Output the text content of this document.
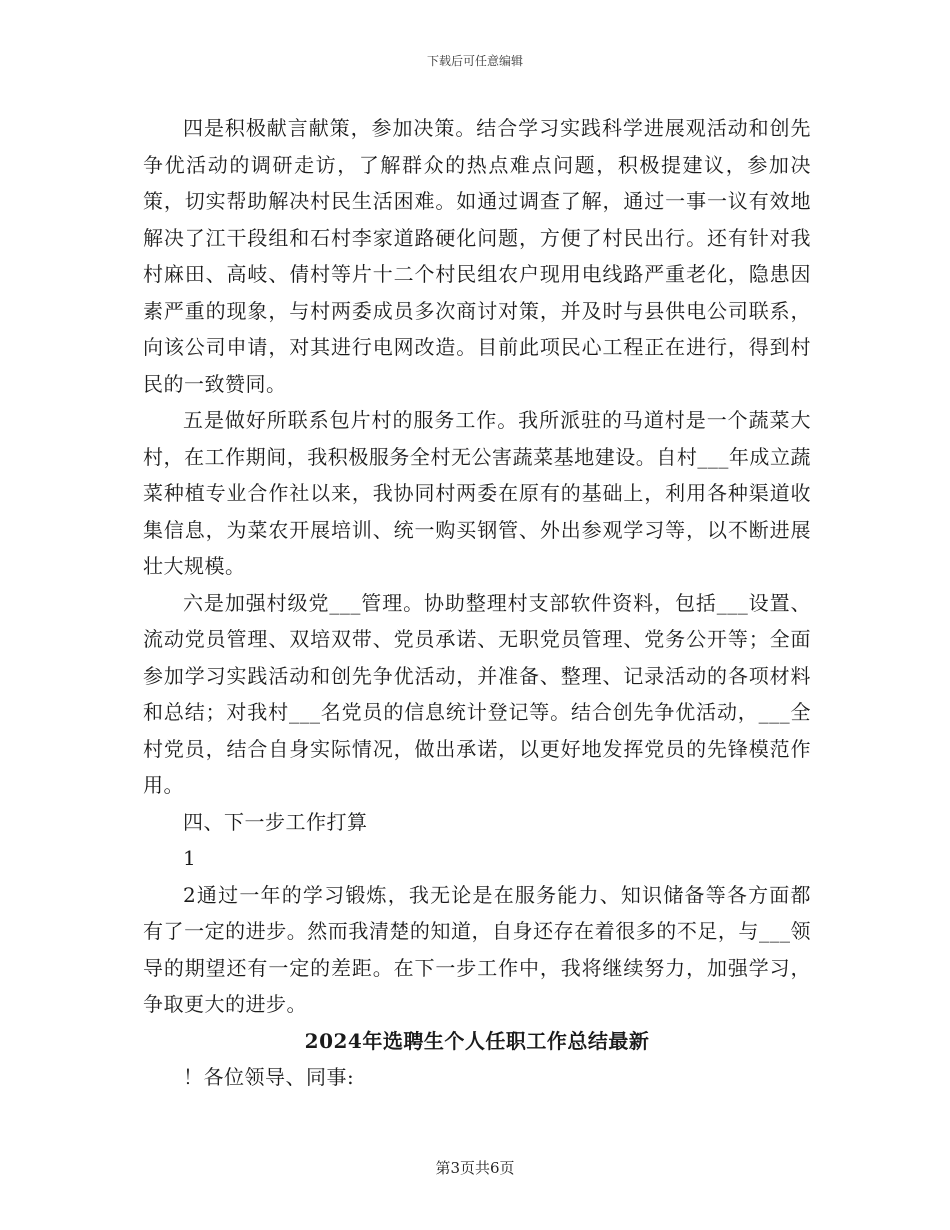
下载后可任意编辑

四是积极献言献策，参加决策。结合学习实践科学进展观活动和创先争优活动的调研走访，了解群众的热点难点问题，积极提建议，参加决策，切实帮助解决村民生活困难。如通过调查了解，通过一事一议有效地解决了江干段组和石村李家道路硬化问题，方便了村民出行。还有针对我村麻田、高岐、倩村等片十二个村民组农户现用电线路严重老化，隐患因素严重的现象，与村两委成员多次商讨对策，并及时与县供电公司联系，向该公司申请，对其进行电网改造。目前此项民心工程正在进行，得到村民的一致赞同。

五是做好所联系包片村的服务工作。我所派驻的马道村是一个蔬菜大村，在工作期间，我积极服务全村无公害蔬菜基地建设。自村___年成立蔬菜种植专业合作社以来，我协同村两委在原有的基础上，利用各种渠道收集信息，为菜农开展培训、统一购买钢管、外出参观学习等，以不断进展壮大规模。

六是加强村级党___管理。协助整理村支部软件资料，包括___设置、流动党员管理、双培双带、党员承诺、无职党员管理、党务公开等；全面参加学习实践活动和创先争优活动，并准备、整理、记录活动的各项材料和总结；对我村___名党员的信息统计登记等。结合创先争优活动，___全村党员，结合自身实际情况，做出承诺，以更好地发挥党员的先锋模范作用。

四、下一步工作打算

1

2通过一年的学习锻炼，我无论是在服务能力、知识储备等各方面都有了一定的进步。然而我清楚的知道，自身还存在着很多的不足，与___领导的期望还有一定的差距。在下一步工作中，我将继续努力，加强学习，争取更大的进步。

2024年选聘生个人任职工作总结最新

！各位领导、同事:

第3页共6页
